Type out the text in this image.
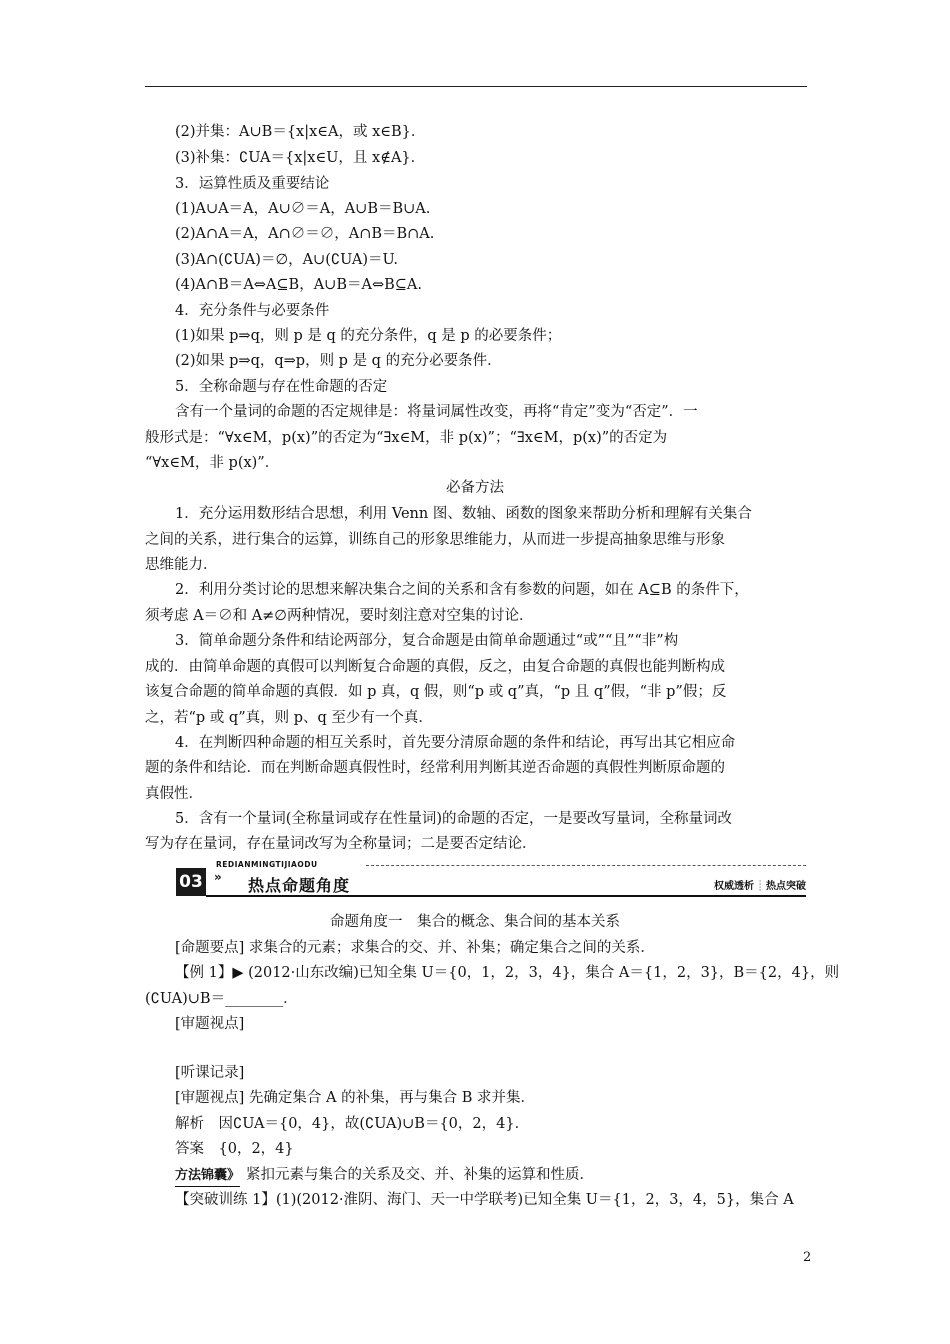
(2)并集：A∪B＝{x|x∈A，或 x∈B}．
(3)补集：∁UA＝{x|x∈U，且 x∉A}．
3．运算性质及重要结论
(1)A∪A＝A，A∪∅＝A，A∪B＝B∪A.
(2)A∩A＝A，A∩∅＝∅，A∩B＝B∩A.
(3)A∩(∁UA)＝∅，A∪(∁UA)＝U.
(4)A∩B＝A⇔A⊆B，A∪B＝A⇔B⊆A.
4．充分条件与必要条件
(1)如果 p⇒q，则 p 是 q 的充分条件，q 是 p 的必要条件；
(2)如果 p⇒q，q⇒p，则 p 是 q 的充分必要条件．
5．全称命题与存在性命题的否定
含有一个量词的命题的否定规律是：将量词属性改变，再将“肯定”变为“否定”．一
般形式是：“∀x∈M，p(x)”的否定为“∃x∈M，非 p(x)”；“∃x∈M，p(x)”的否定为
“∀x∈M，非 p(x)”．
必备方法
1．充分运用数形结合思想，利用 Venn 图、数轴、函数的图象来帮助分析和理解有关集合
之间的关系，进行集合的运算，训练自己的形象思维能力，从而进一步提高抽象思维与形象
思维能力．
2．利用分类讨论的思想来解决集合之间的关系和含有参数的问题，如在 A⊆B 的条件下，
须考虑 A＝∅和 A≠∅两种情况，要时刻注意对空集的讨论．
3．简单命题分条件和结论两部分，复合命题是由简单命题通过“或”“且”“非”构
成的．由简单命题的真假可以判断复合命题的真假，反之，由复合命题的真假也能判断构成
该复合命题的简单命题的真假．如 p 真，q 假，则“p 或 q”真，“p 且 q”假，“非 p”假；反
之，若“p 或 q”真，则 p、q 至少有一个真．
4．在判断四种命题的相互关系时，首先要分清原命题的条件和结论，再写出其它相应命
题的条件和结论．而在判断命题真假性时，经常利用判断其逆否命题的真假性判断原命题的
真假性．
5．含有一个量词(全称量词或存在性量词)的命题的否定，一是要改写量词，全称量词改
写为存在量词，存在量词改写为全称量词；二是要否定结论．
03
REDIANMINGTIJIAODU
» 热点命题角度	权威透析 ┊ 热点突破
命题角度一　集合的概念、集合间的基本关系
[命题要点] 求集合的元素；求集合的交、并、补集；确定集合之间的关系．
【例 1】▶ (2012·山东改编)已知全集 U＝{0，1，2，3，4}，集合 A＝{1，2，3}，B＝{2，4}，则
(∁UA)∪B＝________．
[审题视点]
[听课记录]
[审题视点] 先确定集合 A 的补集，再与集合 B 求并集．
解析　因∁UA＝{0，4}，故(∁UA)∪B＝{0，2，4}．
答案　{0，2，4}
方法锦囊》 紧扣元素与集合的关系及交、并、补集的运算和性质．
【突破训练 1】(1)(2012·淮阴、海门、天一中学联考)已知全集 U＝{1，2，3，4，5}，集合 A
2
